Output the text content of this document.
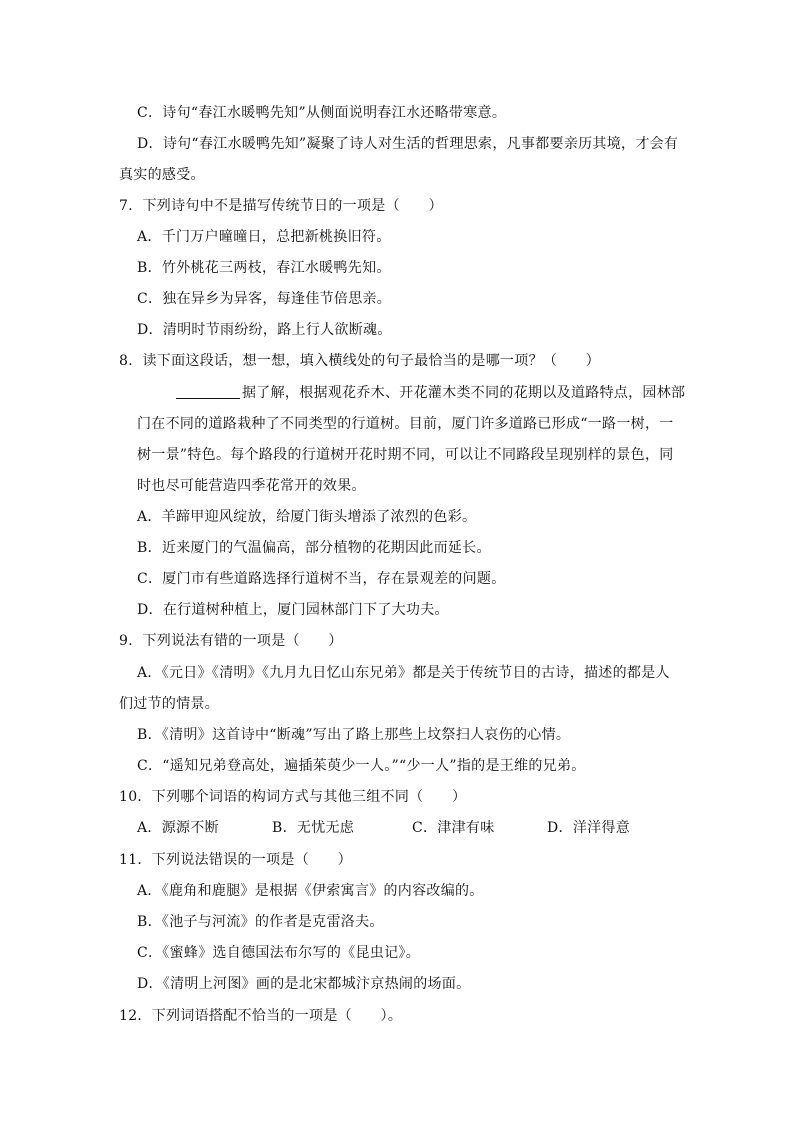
C．诗句“春江水暖鸭先知”从侧面说明春江水还略带寒意。
D．诗句“春江水暖鸭先知”凝聚了诗人对生活的哲理思索，凡事都要亲历其境，才会有
真实的感受。
7．下列诗句中不是描写传统节日的一项是（　　）
A．千门万户曈曈日，总把新桃换旧符。
B．竹外桃花三两枝，春江水暖鸭先知。
C．独在异乡为异客，每逢佳节倍思亲。
D．清明时节雨纷纷，路上行人欲断魂。
8．读下面这段话，想一想，填入横线处的句子最恰当的是哪一项？（　　）
据了解，根据观花乔木、开花灌木类不同的花期以及道路特点，园林部
门在不同的道路栽种了不同类型的行道树。目前，厦门许多道路已形成“一路一树，一
树一景”特色。每个路段的行道树开花时期不同，可以让不同路段呈现别样的景色，同
时也尽可能营造四季花常开的效果。
A．羊蹄甲迎风绽放，给厦门街头增添了浓烈的色彩。
B．近来厦门的气温偏高，部分植物的花期因此而延长。
C．厦门市有些道路选择行道树不当，存在景观差的问题。
D．在行道树种植上，厦门园林部门下了大功夫。
9．下列说法有错的一项是（　　）
A．《元日》《清明》《九月九日忆山东兄弟》都是关于传统节日的古诗，描述的都是人
们过节的情景。
B．《清明》这首诗中“断魂”写出了路上那些上坟祭扫人哀伤的心情。
C．“遥知兄弟登高处，遍插茱萸少一人。”“少一人”指的是王维的兄弟。
10．下列哪个词语的构词方式与其他三组不同（　　）
A．源源不断	B．无忧无虑	C．津津有味	D．洋洋得意
11．下列说法错误的一项是（　　）
A．《鹿角和鹿腿》是根据《伊索寓言》的内容改编的。
B．《池子与河流》的作者是克雷洛夫。
C．《蜜蜂》选自德国法布尔写的《昆虫记》。
D．《清明上河图》画的是北宋都城汴京热闹的场面。
12．下列词语搭配不恰当的一项是（　　）。
